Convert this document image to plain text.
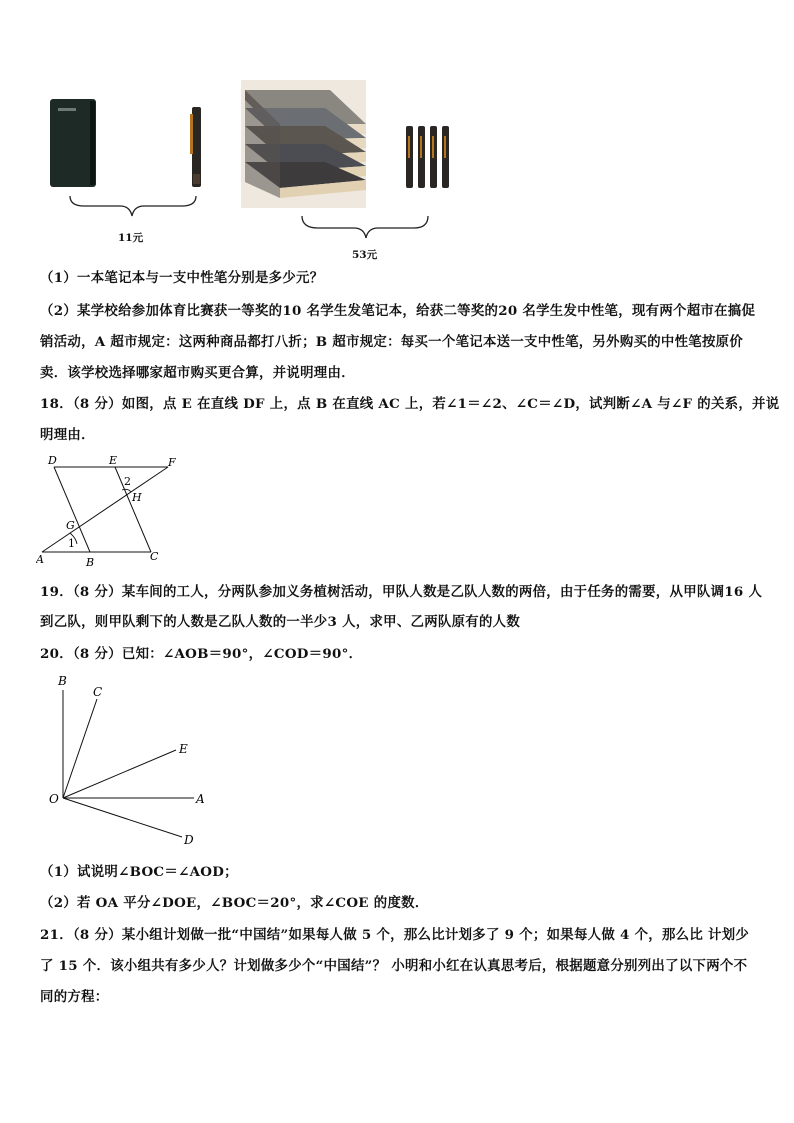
11元
53元
（1）一本笔记本与一支中性笔分别是多少元？
（2）某学校给参加体育比赛获一等奖的10 名学生发笔记本，给获二等奖的20 名学生发中性笔，现有两个超市在搞促
销活动，A 超市规定：这两种商品都打八折；B 超市规定：每买一个笔记本送一支中性笔，另外购买的中性笔按原价
卖．该学校选择哪家超市购买更合算，并说明理由．
18．（8 分）如图，点 E 在直线 DF 上，点 B 在直线 AC 上，若∠1＝∠2、∠C＝∠D，试判断∠A 与∠F 的关系，并说
明理由．
D	E	F
2
H
G
1
A	B	C
19．（8 分）某车间的工人，分两队参加义务植树活动，甲队人数是乙队人数的两倍，由于任务的需要，从甲队调16 人
到乙队，则甲队剩下的人数是乙队人数的一半少3 人，求甲、乙两队原有的人数
20．（8 分）已知：∠AOB＝90°，∠COD＝90°．
B
C
E
O	A
D
（1）试说明∠BOC＝∠AOD；
（2）若 OA 平分∠DOE，∠BOC＝20°，求∠COE 的度数．
21．（8 分）某小组计划做一批“中国结”如果每人做 5 个，那么比计划多了 9 个；如果每人做 4 个，那么比 计划少
了 15 个．该小组共有多少人？计划做多少个“中国结”？ 小明和小红在认真思考后，根据题意分别列出了以下两个不
同的方程：
